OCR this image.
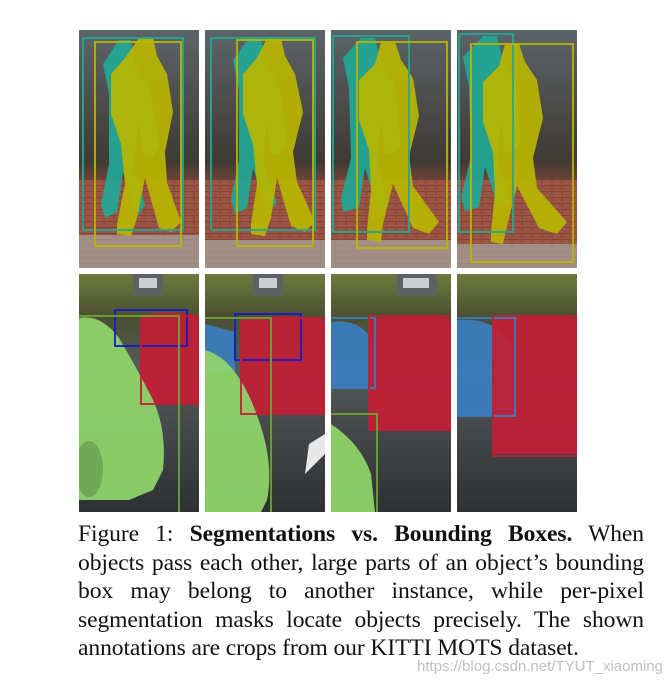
Figure 1: Segmentations vs. Bounding Boxes. When objects pass each other, large parts of an object’s bounding box may belong to another instance, while per-pixel segmentation masks locate objects precisely. The shown annotations are crops from our KITTI MOTS dataset.
https://blog.csdn.net/TYUT_xiaoming
